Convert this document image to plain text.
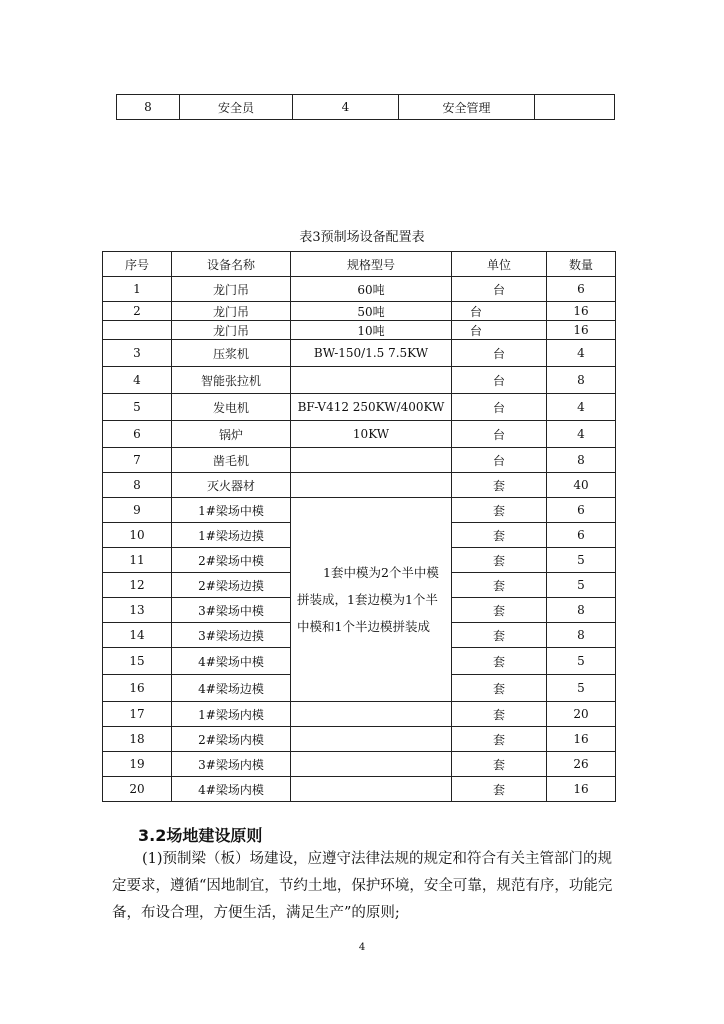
8	安全员	4	安全管理	
表3预制场设备配置表
序号	设备名称	规格型号	单位	数量
1	龙门吊	60吨	台	6
2	龙门吊	50吨	台	16
	龙门吊	10吨	台	16
3	压浆机	BW-150/1.5 7.5KW	台	4
4	智能张拉机		台	8
5	发电机	BF-V412 250KW/400KW	台	4
6	锅炉	10KW	台	4
7	凿毛机		台	8
8	灭火器材		套	40
9	1#梁场中模	1套中模为2个半中模
拼装成，1套边模为1个半
中模和1个半边模拼装成	套	6
10	1#梁场边摸		套	6
11	2#梁场中模		套	5
12	2#梁场边摸		套	5
13	3#梁场中模		套	8
14	3#梁场边摸		套	8
15	4#梁场中模		套	5
16	4#梁场边模		套	5
17	1#梁场内模		套	20
18	2#梁场内模		套	16
19	3#梁场内模		套	26
20	4#梁场内模		套	16
3.2场地建设原则

(1)预制梁（板）场建设，应遵守法律法规的规定和符合有关主管部门的规定要求，遵循“因地制宜，节约土地，保护环境，安全可靠，规范有序，功能完备，布设合理，方便生活，满足生产”的原则;

4
